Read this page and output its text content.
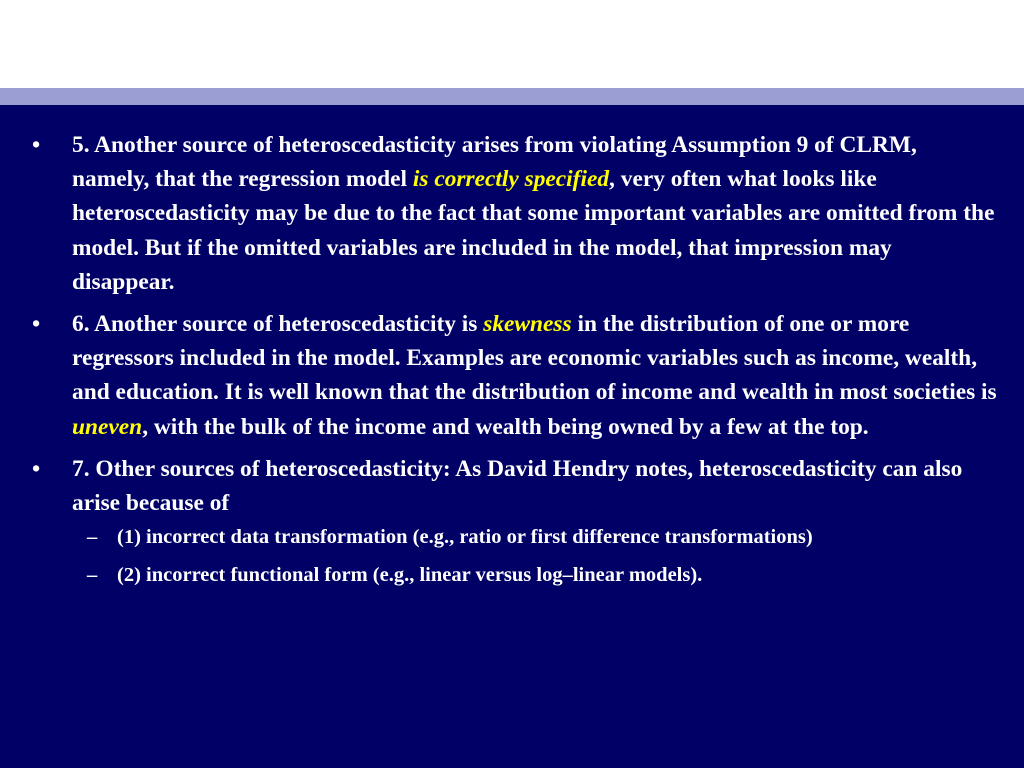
• 5. Another source of heteroscedasticity arises from violating Assumption 9 of CLRM, namely, that the regression model is correctly specified, very often what looks like heteroscedasticity may be due to the fact that some important variables are omitted from the model. But if the omitted variables are included in the model, that impression may disappear.
• 6. Another source of heteroscedasticity is skewness in the distribution of one or more regressors included in the model. Examples are economic variables such as income, wealth, and education. It is well known that the distribution of income and wealth in most societies is uneven, with the bulk of the income and wealth being owned by a few at the top.
• 7. Other sources of heteroscedasticity: As David Hendry notes, heteroscedasticity can also arise because of
– (1) incorrect data transformation (e.g., ratio or first difference transformations)
– (2) incorrect functional form (e.g., linear versus log–linear models).
